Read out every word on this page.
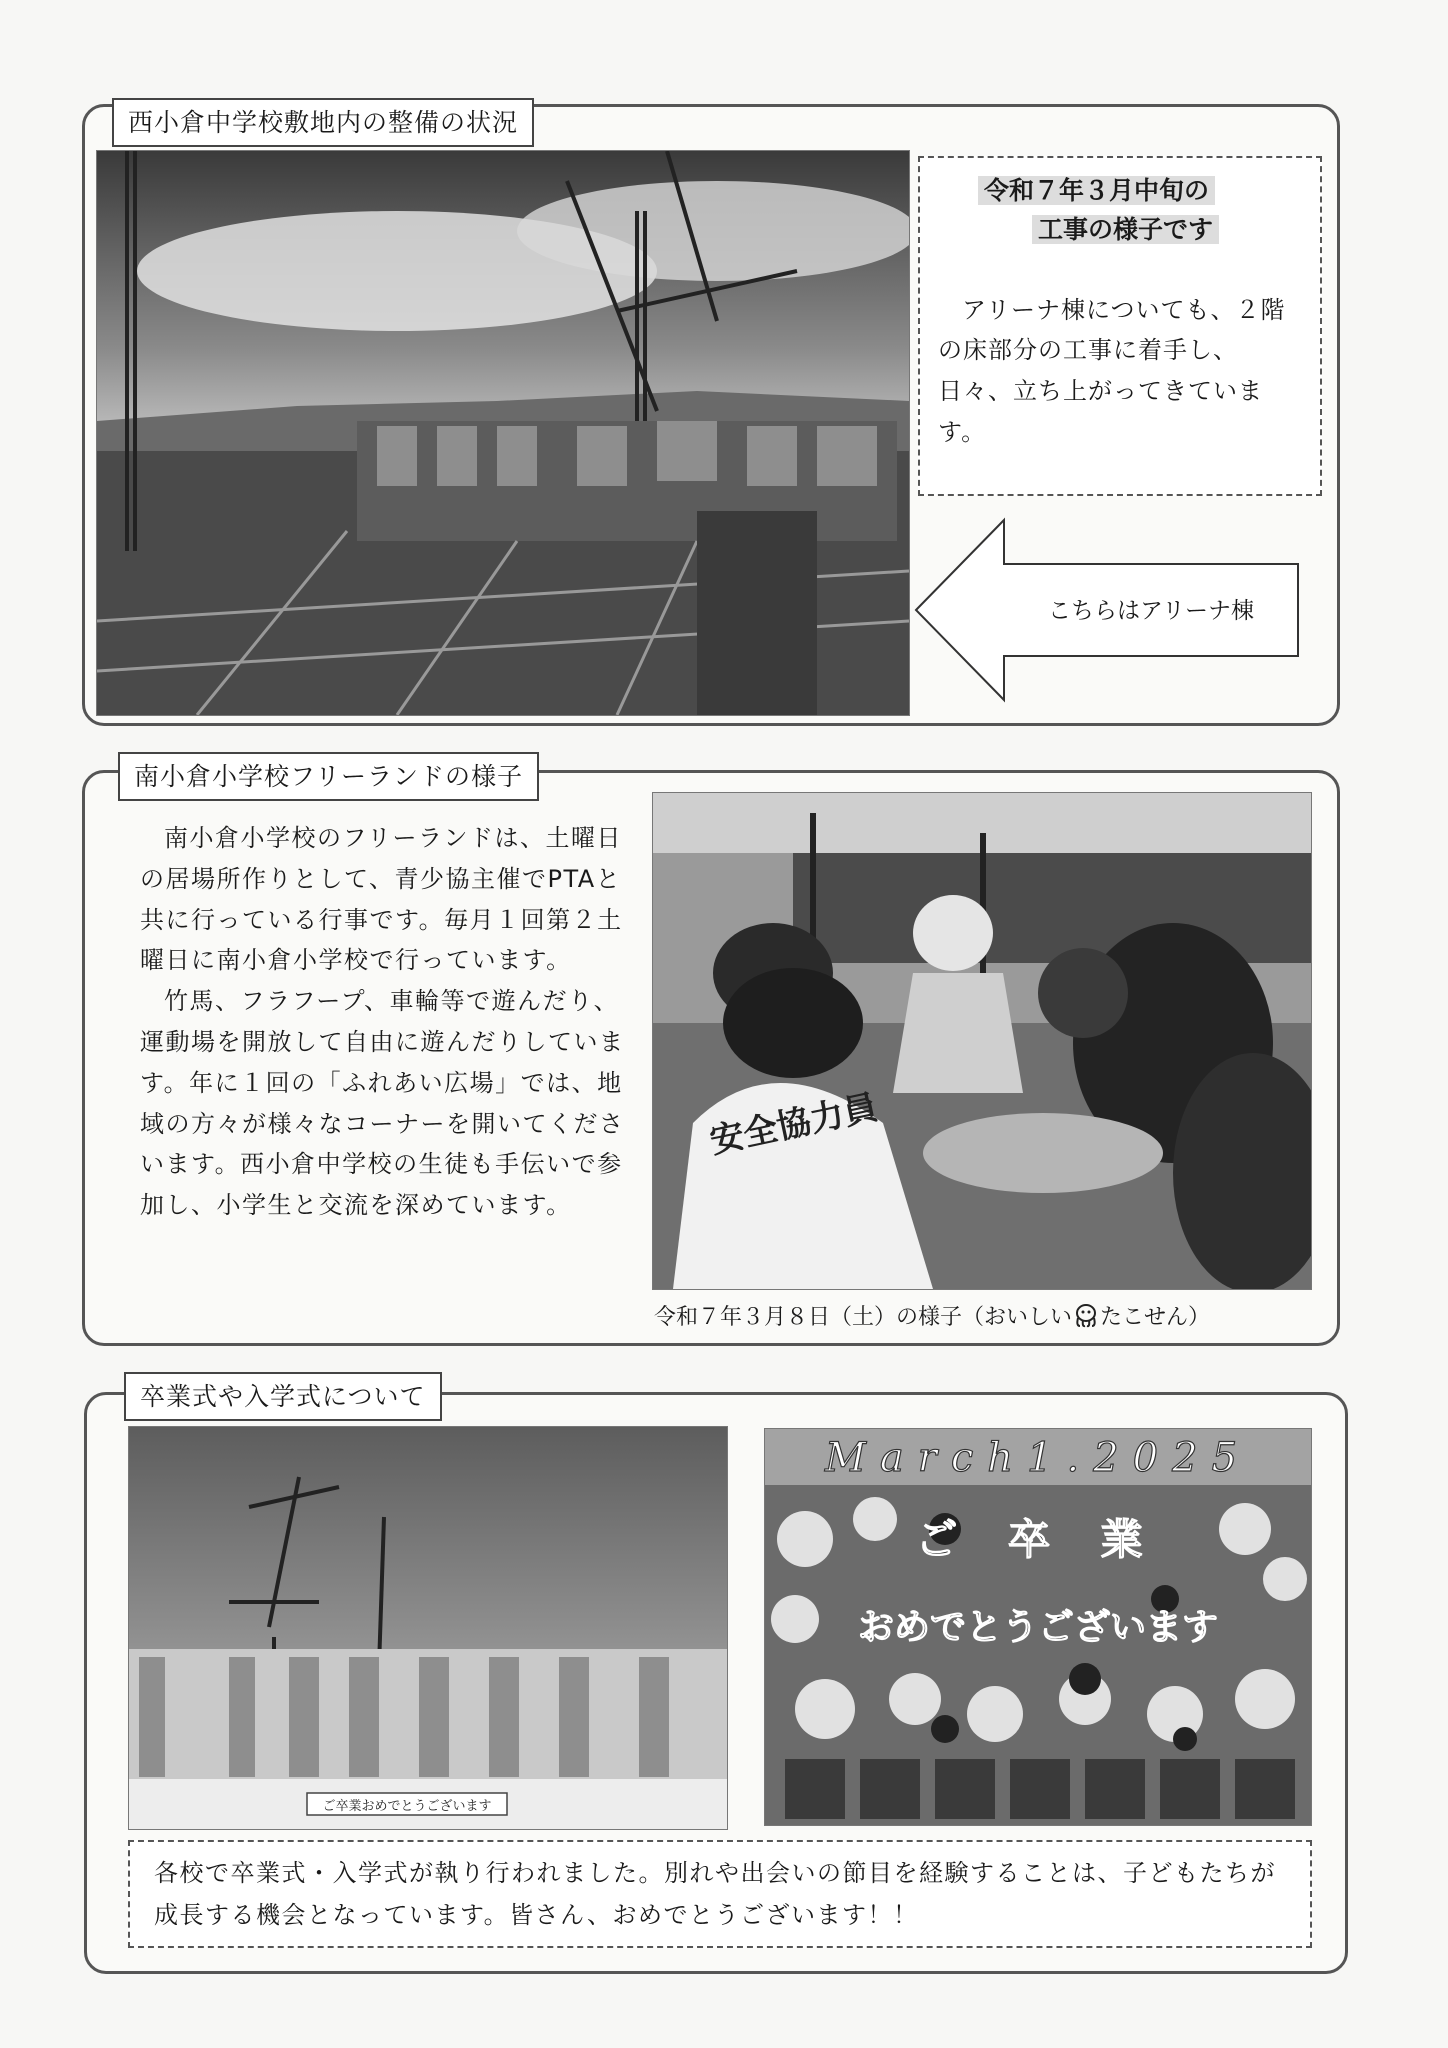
西小倉中学校敷地内の整備の状況
令和７年３月中旬の
工事の様子です
アリーナ棟についても、２階の床部分の工事に着手し、日々、立ち上がってきています。
こちらはアリーナ棟
南小倉小学校フリーランドの様子

南小倉小学校のフリーランドは、土曜日の居場所作りとして、青少協主催でPTAと共に行っている行事です。毎月１回第２土曜日に南小倉小学校で行っています。

竹馬、フラフープ、車輪等で遊んだり、運動場を開放して自由に遊んだりしています。年に１回の「ふれあい広場」では、地域の方々が様々なコーナーを開いてくださいます。西小倉中学校の生徒も手伝いで参加し、小学生と交流を深めています。

安全協力員
令和７年３月８日（土）の様子（おいしい たこせん）
卒業式や入学式について
ご卒業おめでとうございます
March1.2025
ご 卒 業
おめでとうございます
各校で卒業式・入学式が執り行われました。別れや出会いの節目を経験することは、子どもたちが成長する機会となっています。皆さん、おめでとうございます！！
